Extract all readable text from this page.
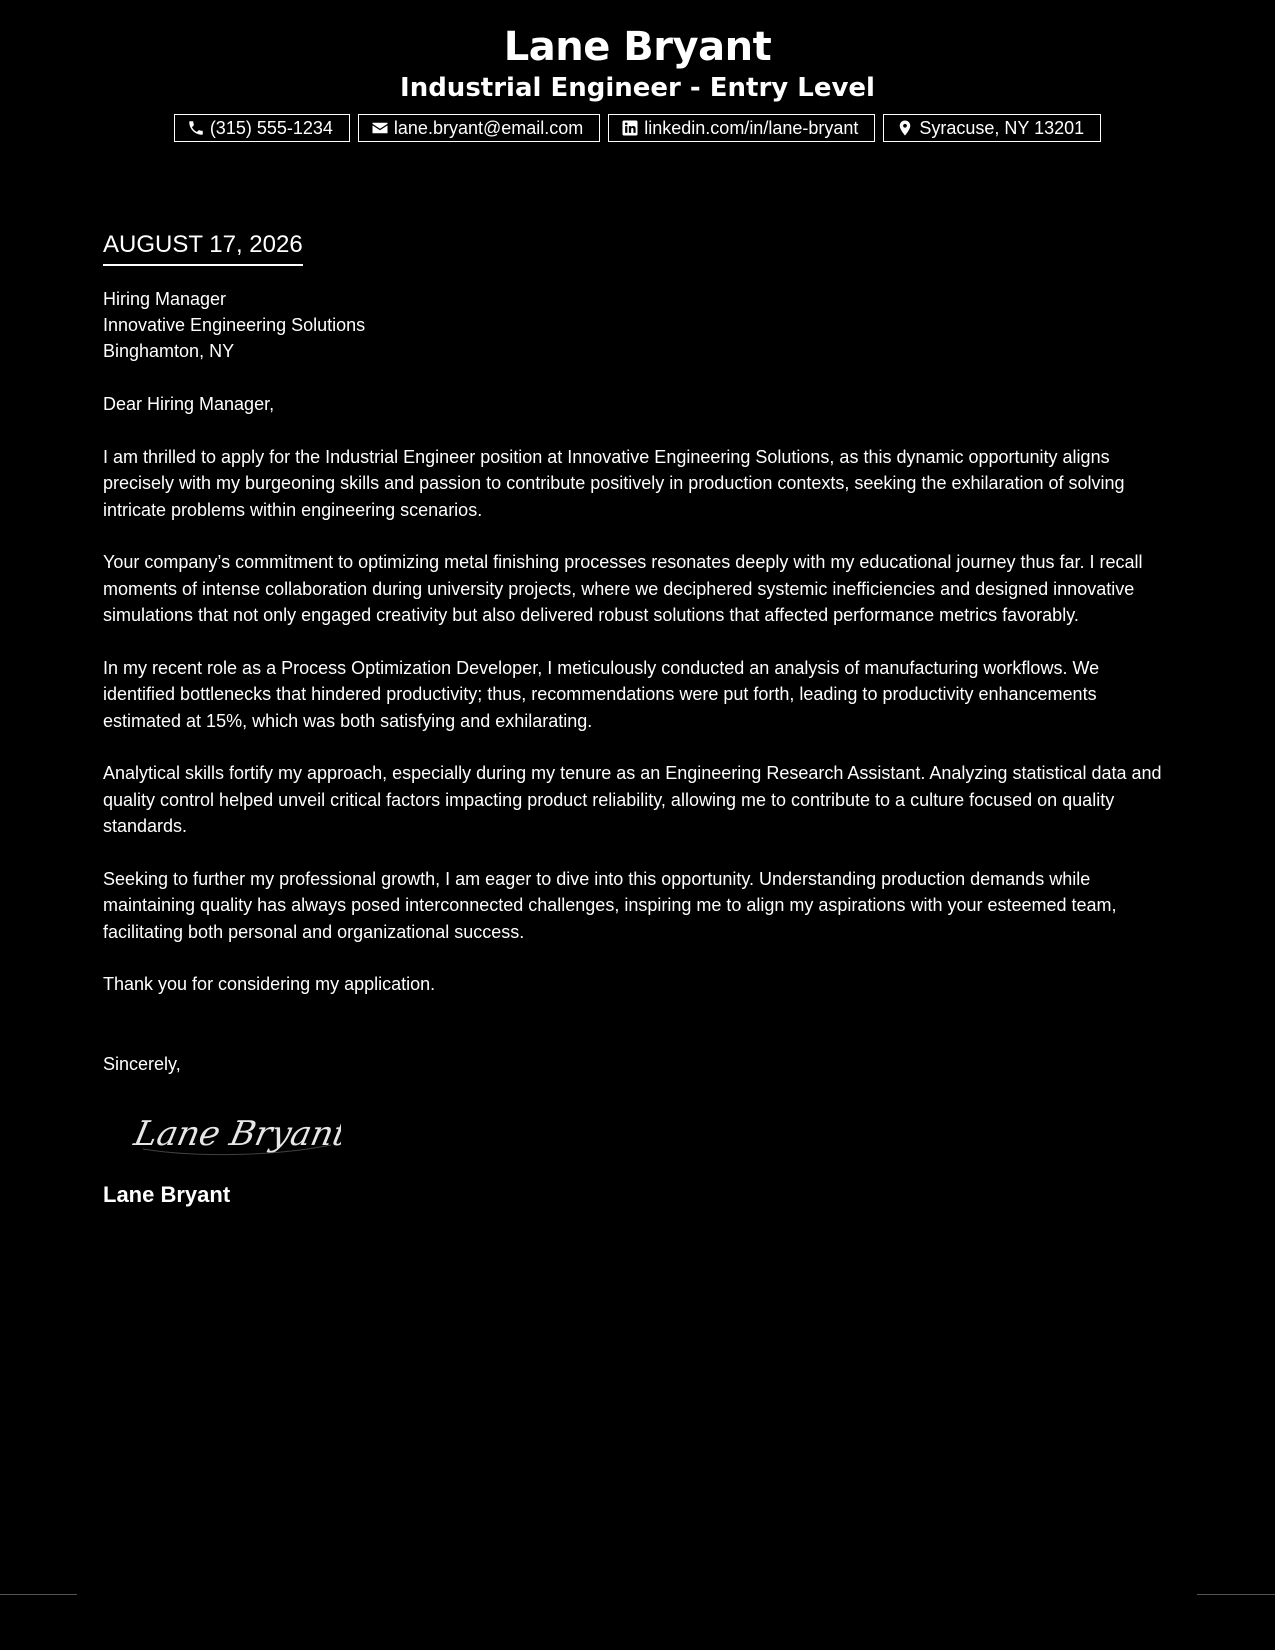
Lane Bryant
Industrial Engineer - Entry Level
(315) 555-1234	lane.bryant@email.com	linkedin.com/in/lane-bryant	Syracuse, NY 13201

AUGUST 17, 2026

Hiring Manager
Innovative Engineering Solutions
Binghamton, NY
Dear Hiring Manager,

I am thrilled to apply for the Industrial Engineer position at Innovative Engineering Solutions, as this dynamic opportunity aligns precisely with my burgeoning skills and passion to contribute positively in production contexts, seeking the exhilaration of solving intricate problems within engineering scenarios.

Your company’s commitment to optimizing metal finishing processes resonates deeply with my educational journey thus far. I recall moments of intense collaboration during university projects, where we deciphered systemic inefficiencies and designed innovative simulations that not only engaged creativity but also delivered robust solutions that affected performance metrics favorably.

In my recent role as a Process Optimization Developer, I meticulously conducted an analysis of manufacturing workflows. We identified bottlenecks that hindered productivity; thus, recommendations were put forth, leading to productivity enhancements estimated at 15%, which was both satisfying and exhilarating.

Analytical skills fortify my approach, especially during my tenure as an Engineering Research Assistant. Analyzing statistical data and quality control helped unveil critical factors impacting product reliability, allowing me to contribute to a culture focused on quality standards.

Seeking to further my professional growth, I am eager to dive into this opportunity. Understanding production demands while maintaining quality has always posed interconnected challenges, inspiring me to align my aspirations with your esteemed team, facilitating both personal and organizational success.

Thank you for considering my application.

Sincerely,
Lane Bryant
Lane Bryant
